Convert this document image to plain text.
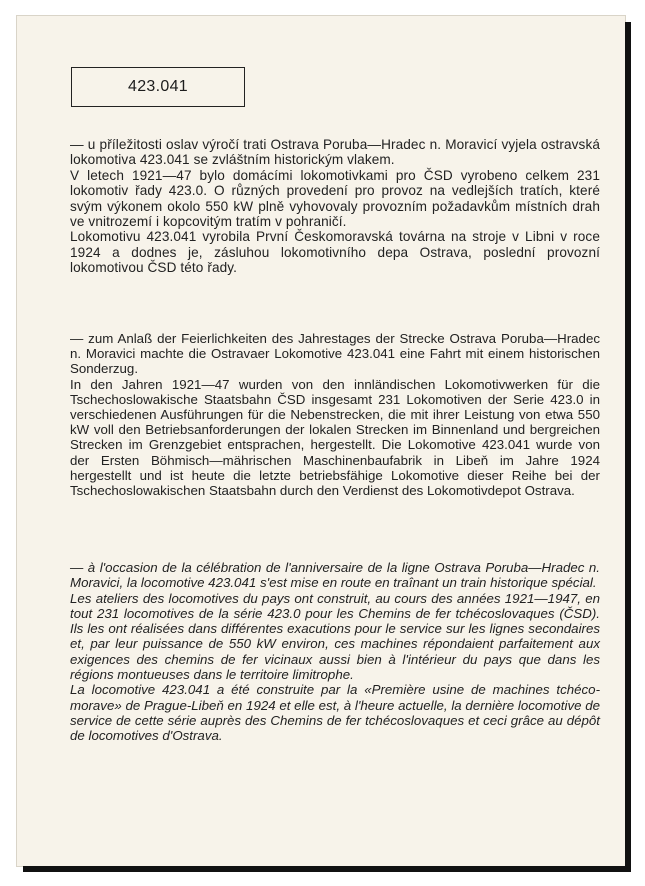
423.041

— u příležitosti oslav výročí trati Ostrava Poruba—Hradec n. Moravicí vyjela ostravská lokomotiva 423.041 se zvláštním historickým vlakem.

V letech 1921—47 bylo domácími lokomotivkami pro ČSD vyrobeno celkem 231 lokomotiv řady 423.0. O různých provedení pro provoz na vedlejších tratích, které svým výkonem okolo 550 kW plně vyhovovaly provozním požadavkům místních drah ve vnitrozemí i kopcovitým tratím v pohraničí.

Lokomotivu 423.041 vyrobila První Českomoravská továrna na stroje v Libni v roce 1924 a dodnes je, zásluhou lokomotivního depa Ostrava, poslední provozní lokomotivou ČSD této řady.

— zum Anlaß der Feierlichkeiten des Jahrestages der Strecke Ostrava Poruba—Hradec n. Moravici machte die Ostravaer Lokomotive 423.041 eine Fahrt mit einem historischen Sonderzug.

In den Jahren 1921—47 wurden von den innländischen Lokomotivwerken für die Tschechoslowakische Staatsbahn ČSD insgesamt 231 Lokomotiven der Serie 423.0 in verschiedenen Ausführungen für die Nebenstrecken, die mit ihrer Leistung von etwa 550 kW voll den Betriebsanforderungen der lokalen Strecken im Binnenland und bergreichen Strecken im Grenzgebiet entsprachen, hergestellt. Die Lokomotive 423.041 wurde von der Ersten Böhmisch—mährischen Maschinenbaufabrik in Libeň im Jahre 1924 hergestellt und ist heute die letzte betriebsfähige Lokomotive dieser Reihe bei der Tschechoslowakischen Staatsbahn durch den Verdienst des Lokomotivdepot Ostrava.

— à l'occasion de la célébration de l'anniversaire de la ligne Ostrava Poruba—Hradec n. Moravici, la locomotive 423.041 s'est mise en route en traînant un train historique spécial.

Les ateliers des locomotives du pays ont construit, au cours des années 1921—1947, en tout 231 locomotives de la série 423.0 pour les Chemins de fer tchécoslovaques (ČSD). Ils les ont réalisées dans différentes exacutions pour le service sur les lignes secondaires et, par leur puissance de 550 kW environ, ces machines répondaient parfaitement aux exigences des chemins de fer vicinaux aussi bien à l'intérieur du pays que dans les régions montueuses dans le territoire limitrophe.

La locomotive 423.041 a été construite par la «Première usine de machines tchéco-morave» de Prague-Libeň en 1924 et elle est, à l'heure actuelle, la dernière locomotive de service de cette série auprès des Chemins de fer tchécoslovaques et ceci grâce au dépôt de locomotives d'Ostrava.
